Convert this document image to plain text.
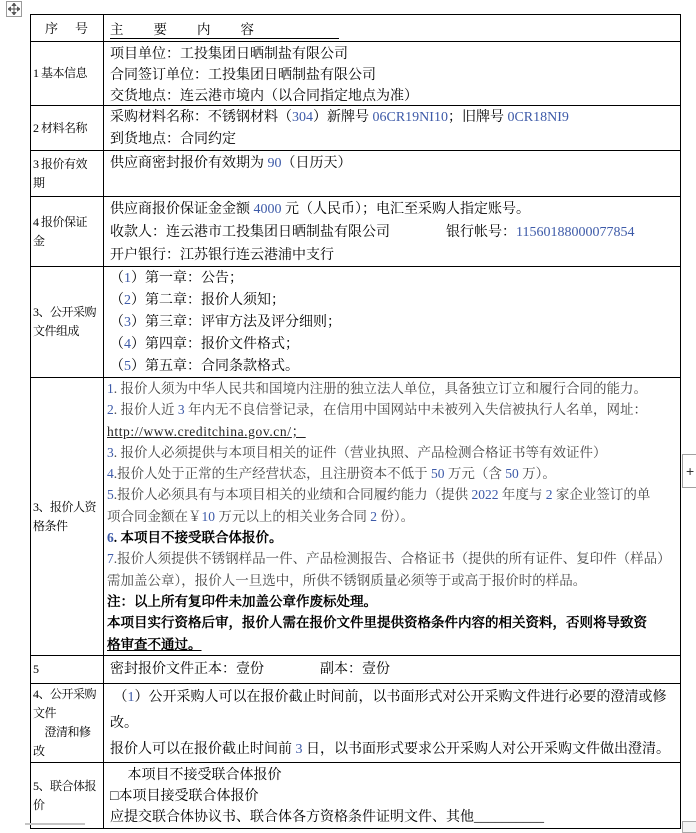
序　号	主　　要　　内　　容
1 基本信息
项目单位：工投集团日晒制盐有限公司
合同签订单位：工投集团日晒制盐有限公司
交货地点：连云港市境内（以合同指定地点为准）
2 材料名称
采购材料名称：不锈钢材料（304）新牌号 06CR19NI10；旧牌号 0CR18NI9
到货地点：合同约定
3 报价有效
期
供应商密封报价有效期为 90（日历天）
4 报价保证
金
供应商报价保证金金额 4000 元（人民币）；电汇至采购人指定账号。
收款人：连云港市工投集团日晒制盐有限公司　　　　银行帐号：11560188000077854
开户银行：江苏银行连云港浦中支行
3、公开采购
文件组成
（1）第一章：公告；
（2）第二章：报价人须知；
（3）第三章：评审方法及评分细则；
（4）第四章：报价文件格式；
（5）第五章：合同条款格式。
3、报价人资
格条件
1. 报价人须为中华人民共和国境内注册的独立法人单位，具备独立订立和履行合同的能力。
2. 报价人近 3 年内无不良信誉记录，在信用中国网站中未被列入失信被执行人名单，网址：
http://www.creditchina.gov.cn/；
3. 报价人必须提供与本项目相关的证件（营业执照、产品检测合格证书等有效证件）
4.报价人处于正常的生产经营状态，且注册资本不低于 50 万元（含 50 万）。
5.报价人必须具有与本项目相关的业绩和合同履约能力（提供 2022 年度与 2 家企业签订的单
项合同金额在￥10 万元以上的相关业务合同 2 份）。
6. 本项目不接受联合体报价。
7.报价人须提供不锈钢样品一件、产品检测报告、合格证书（提供的所有证件、复印件（样品）
需加盖公章），报价人一旦选中，所供不锈钢质量必须等于或高于报价时的样品。
注：以上所有复印件未加盖公章作废标处理。
本项目实行资格后审，报价人需在报价文件里提供资格条件内容的相关资料，否则将导致资
格审查不通过。
5	密封报价文件正本：壹份　　　　副本：壹份
4、公开采购
文件
　澄清和修
改
（1）公开采购人可以在报价截止时间前，以书面形式对公开采购文件进行必要的澄清或修改。
报价人可以在报价截止时间前 3 日，以书面形式要求公开采购人对公开采购文件做出澄清。
5、联合体报
价
　 本项目不接受联合体报价
□本项目接受联合体报价
应提交联合体协议书、联合体各方资格条件证明文件、其他__________
+
